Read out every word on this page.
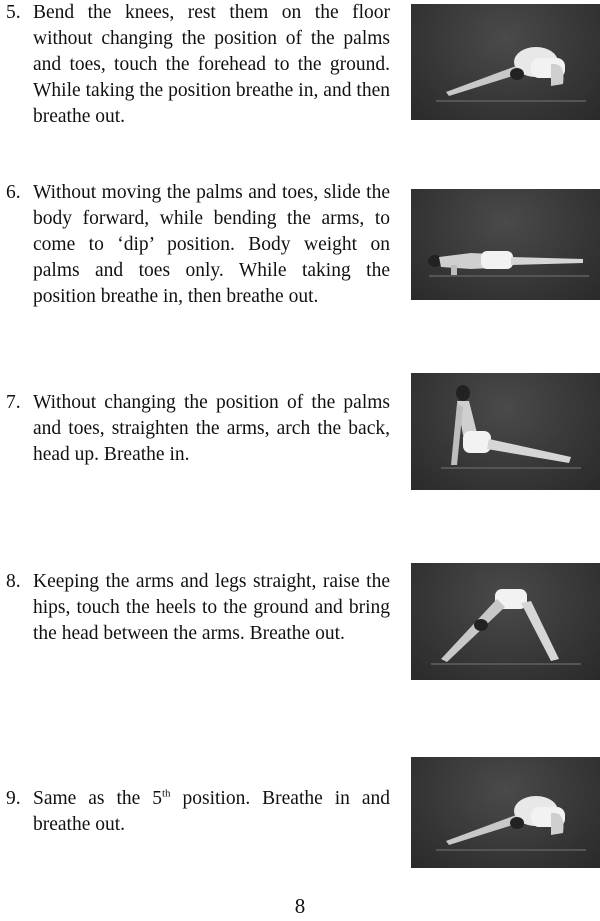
5. Bend the knees, rest them on the floor without changing the position of the palms and toes, touch the forehead to the ground. While taking the position breathe in, and then breathe out.

6. Without moving the palms and toes, slide the body forward, while bending the arms, to come to ‘dip’ position. Body weight on palms and toes only. While taking the position breathe in, then breathe out.

7. Without changing the position of the palms and toes, straighten the arms, arch the back, head up. Breathe in.

8. Keeping the arms and legs straight, raise the hips, touch the heels to the ground and bring the head between the arms. Breathe out.

9. Same as the 5th position. Breathe in and breathe out.

8
